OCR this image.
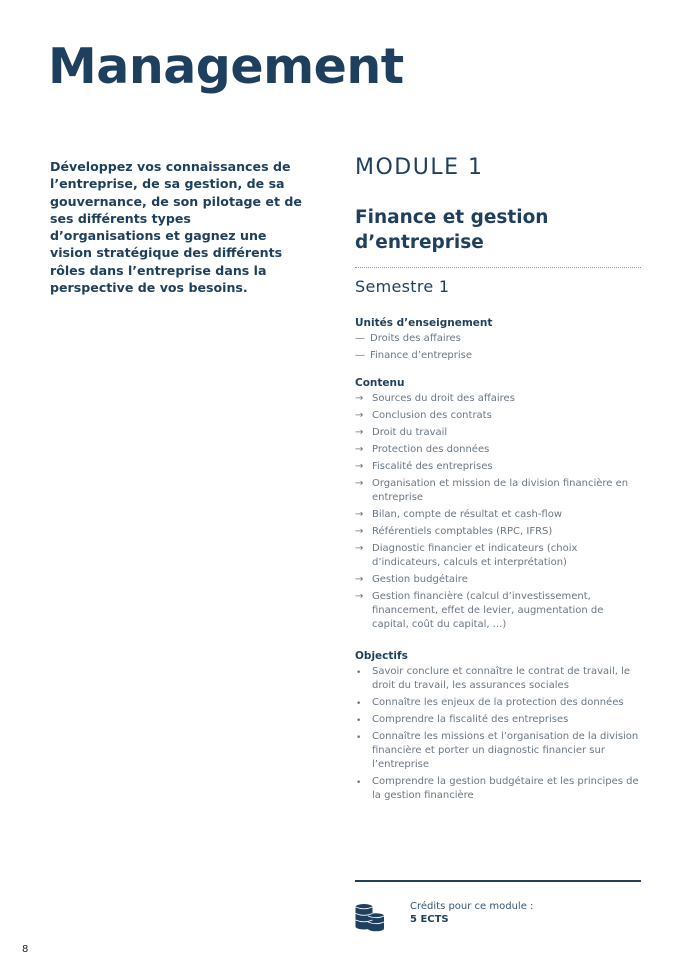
Management

Développez vos connaissances de l’entreprise, de sa gestion, de sa gouvernance, de son pilotage et de ses différents types d’organisations et gagnez une vision stratégique des différents rôles dans l’entreprise dans la perspective de vos besoins.

MODULE 1
Finance et gestion d’entreprise
Semestre 1
Unités d’enseignement
— Droits des affaires
— Finance d’entreprise
Contenu
→ Sources du droit des affaires
→ Conclusion des contrats
→ Droit du travail
→ Protection des données
→ Fiscalité des entreprises
→ Organisation et mission de la division financière en entreprise
→ Bilan, compte de résultat et cash-flow
→ Référentiels comptables (RPC, IFRS)
→ Diagnostic financier et indicateurs (choix d’indicateurs, calculs et interprétation)
→ Gestion budgétaire
→ Gestion financière (calcul d’investissement, financement, effet de levier, augmentation de capital, coût du capital, ...)
Objectifs
• Savoir conclure et connaître le contrat de travail, le droit du travail, les assurances sociales
• Connaître les enjeux de la protection des données
• Comprendre la fiscalité des entreprises
• Connaître les missions et l’organisation de la division financière et porter un diagnostic financier sur l’entreprise
• Comprendre la gestion budgétaire et les principes de la gestion financière

Crédits pour ce module :

5 ECTS

8
